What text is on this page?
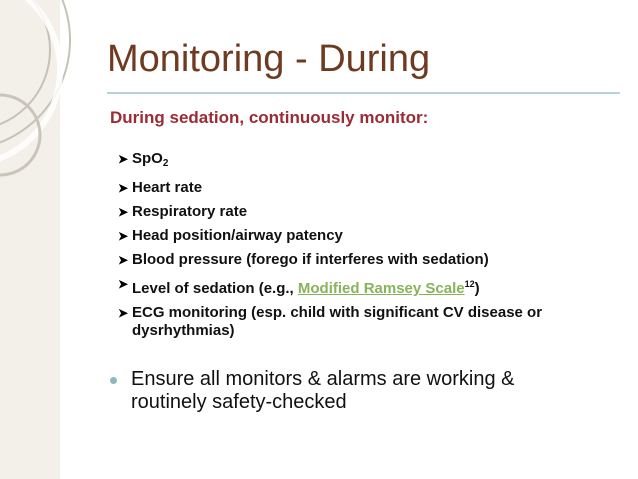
Monitoring - During
During sedation, continuously monitor:
➤ SpO$_2$
➤ Heart rate
➤ Respiratory rate
➤ Head position/airway patency
➤ Blood pressure (forego if interferes with sedation)
➤ Level of sedation (e.g., Modified Ramsey Scale$^{12}$)
➤ ECG monitoring (esp. child with significant CV disease or dysrhythmias)
Ensure all monitors & alarms are working & routinely safety-checked
